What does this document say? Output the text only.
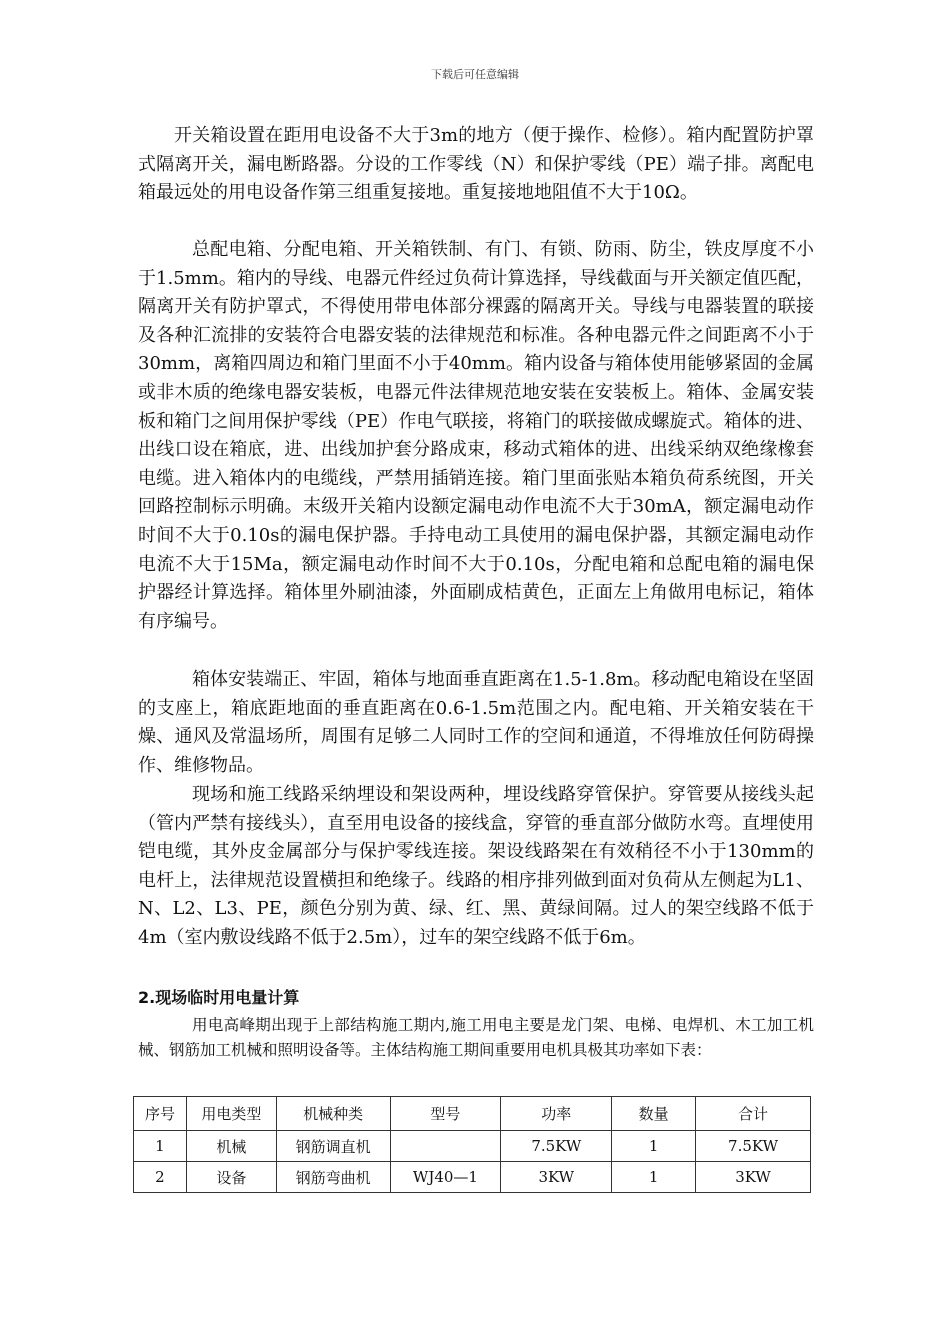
下载后可任意编辑

开关箱设置在距用电设备不大于3m的地方（便于操作、检修）。箱内配置防护罩式隔离开关，漏电断路器。分设的工作零线（N）和保护零线（PE）端子排。离配电箱最远处的用电设备作第三组重复接地。重复接地地阻值不大于10Ω。

总配电箱、分配电箱、开关箱铁制、有门、有锁、防雨、防尘，铁皮厚度不小于1.5mm。箱内的导线、电器元件经过负荷计算选择，导线截面与开关额定值匹配，隔离开关有防护罩式，不得使用带电体部分裸露的隔离开关。导线与电器装置的联接及各种汇流排的安装符合电器安装的法律规范和标准。各种电器元件之间距离不小于30mm，离箱四周边和箱门里面不小于40mm。箱内设备与箱体使用能够紧固的金属或非木质的绝缘电器安装板，电器元件法律规范地安装在安装板上。箱体、金属安装板和箱门之间用保护零线（PE）作电气联接，将箱门的联接做成螺旋式。箱体的进、出线口设在箱底，进、出线加护套分路成束，移动式箱体的进、出线采纳双绝缘橡套电缆。进入箱体内的电缆线，严禁用插销连接。箱门里面张贴本箱负荷系统图，开关回路控制标示明确。末级开关箱内设额定漏电动作电流不大于30mA，额定漏电动作时间不大于0.10s的漏电保护器。手持电动工具使用的漏电保护器，其额定漏电动作电流不大于15Ma，额定漏电动作时间不大于0.10s，分配电箱和总配电箱的漏电保护器经计算选择。箱体里外刷油漆，外面刷成桔黄色，正面左上角做用电标记，箱体有序编号。

箱体安装端正、牢固，箱体与地面垂直距离在1.5-1.8m。移动配电箱设在坚固的支座上，箱底距地面的垂直距离在0.6-1.5m范围之内。配电箱、开关箱安装在干燥、通风及常温场所，周围有足够二人同时工作的空间和通道，不得堆放任何防碍操作、维修物品。

现场和施工线路采纳埋设和架设两种，埋设线路穿管保护。穿管要从接线头起（管内严禁有接线头），直至用电设备的接线盒，穿管的垂直部分做防水弯。直埋使用铠电缆，其外皮金属部分与保护零线连接。架设线路架在有效稍径不小于130mm的电杆上，法律规范设置横担和绝缘子。线路的相序排列做到面对负荷从左侧起为L1、N、L2、L3、PE，颜色分别为黄、绿、红、黑、黄绿间隔。过人的架空线路不低于4m（室内敷设线路不低于2.5m），过车的架空线路不低于6m。

2.现场临时用电量计算

用电高峰期出现于上部结构施工期内,施工用电主要是龙门架、电梯、电焊机、木工加工机械、钢筋加工机械和照明设备等。主体结构施工期间重要用电机具极其功率如下表：

序号	用电类型	机械种类	型号	功率	数量	合计
1	机械	钢筋调直机		7.5KW	1	7.5KW
2	设备	钢筋弯曲机	WJ40—1	3KW	1	3KW
